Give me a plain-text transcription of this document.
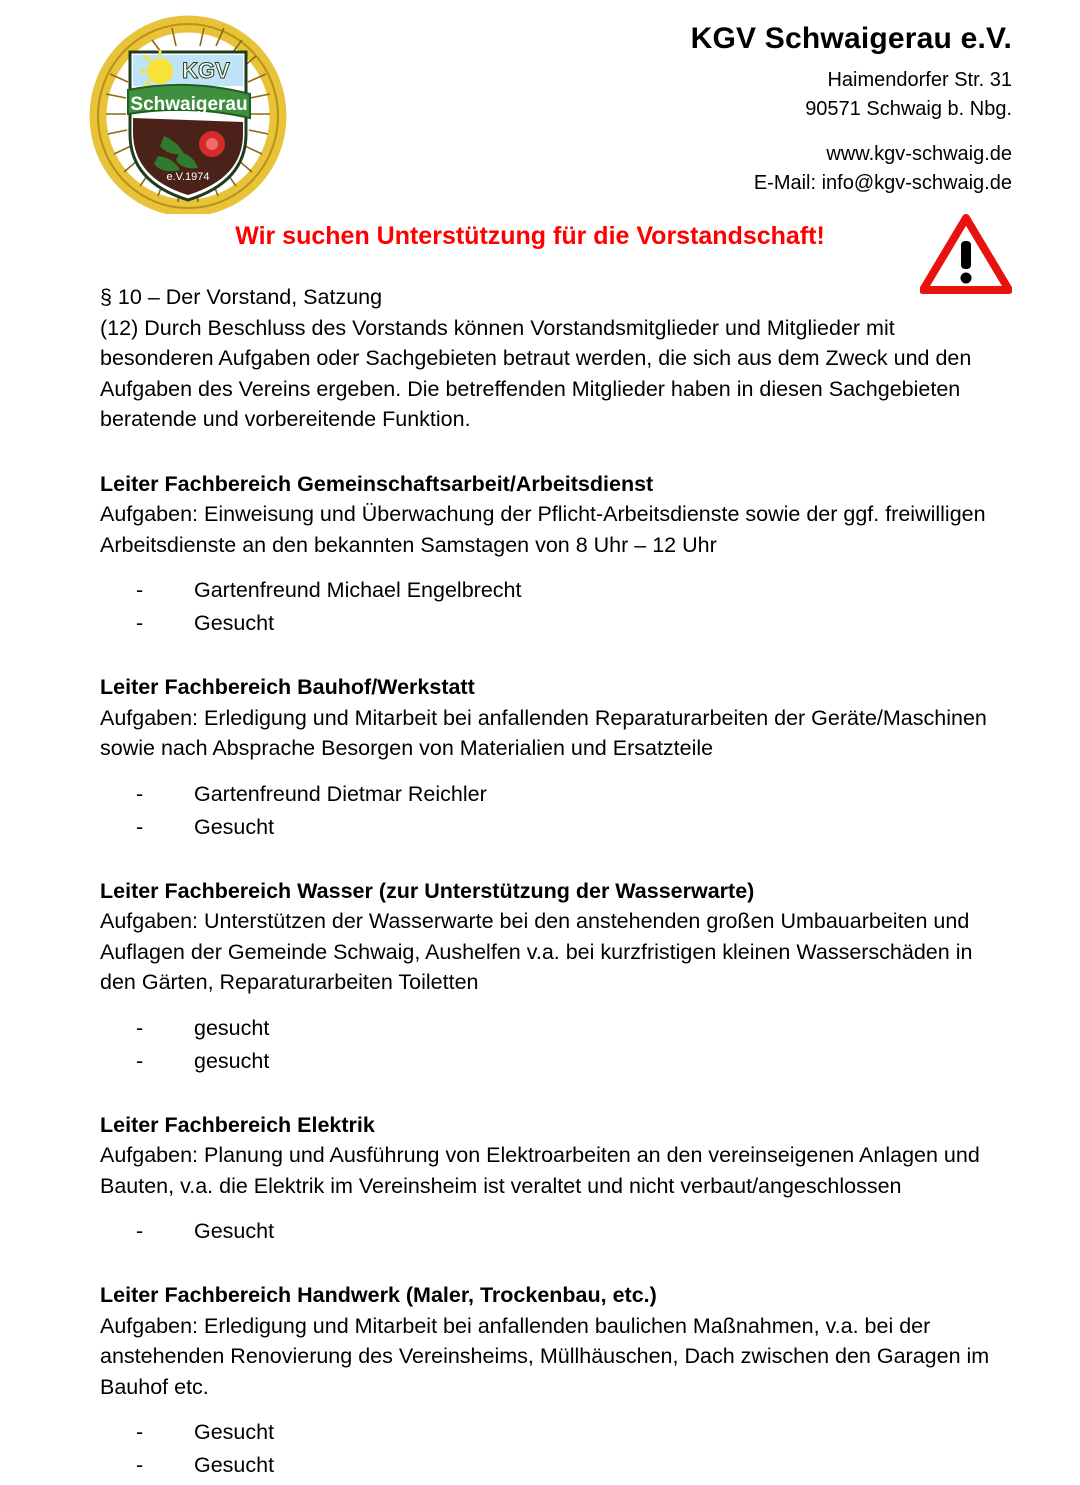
KGV
Schwaigerau
e.V.1974
KGV Schwaigerau e.V.
Haimendorfer Str. 31
90571 Schwaig b. Nbg.
www.kgv-schwaig.de
E-Mail: info@kgv-schwaig.de
Wir suchen Unterstützung für die Vorstandschaft!

§ 10 – Der Vorstand, Satzung

(12) Durch Beschluss des Vorstands können Vorstandsmitglieder und Mitglieder mit besonderen Aufgaben oder Sachgebieten betraut werden, die sich aus dem Zweck und den Aufgaben des Vereins ergeben. Die betreffenden Mitglieder haben in diesen Sachgebieten beratende und vorbereitende Funktion.

Leiter Fachbereich Gemeinschaftsarbeit/Arbeitsdienst
Aufgaben: Einweisung und Überwachung der Pflicht-Arbeitsdienste sowie der ggf. freiwilligen Arbeitsdienste an den bekannten Samstagen von 8 Uhr – 12 Uhr
- Gartenfreund Michael Engelbrecht
- Gesucht
Leiter Fachbereich Bauhof/Werkstatt
Aufgaben: Erledigung und Mitarbeit bei anfallenden Reparaturarbeiten der Geräte/Maschinen sowie nach Absprache Besorgen von Materialien und Ersatzteile
- Gartenfreund Dietmar Reichler
- Gesucht
Leiter Fachbereich Wasser (zur Unterstützung der Wasserwarte)
Aufgaben: Unterstützen der Wasserwarte bei den anstehenden großen Umbauarbeiten und Auflagen der Gemeinde Schwaig, Aushelfen v.a. bei kurzfristigen kleinen Wasserschäden in den Gärten, Reparaturarbeiten Toiletten
- gesucht
- gesucht
Leiter Fachbereich Elektrik
Aufgaben: Planung und Ausführung von Elektroarbeiten an den vereinseigenen Anlagen und Bauten, v.a. die Elektrik im Vereinsheim ist veraltet und nicht verbaut/angeschlossen
- Gesucht
Leiter Fachbereich Handwerk (Maler, Trockenbau, etc.)
Aufgaben: Erledigung und Mitarbeit bei anfallenden baulichen Maßnahmen, v.a. bei der anstehenden Renovierung des Vereinsheims, Müllhäuschen, Dach zwischen den Garagen im Bauhof etc.
- Gesucht
- Gesucht
